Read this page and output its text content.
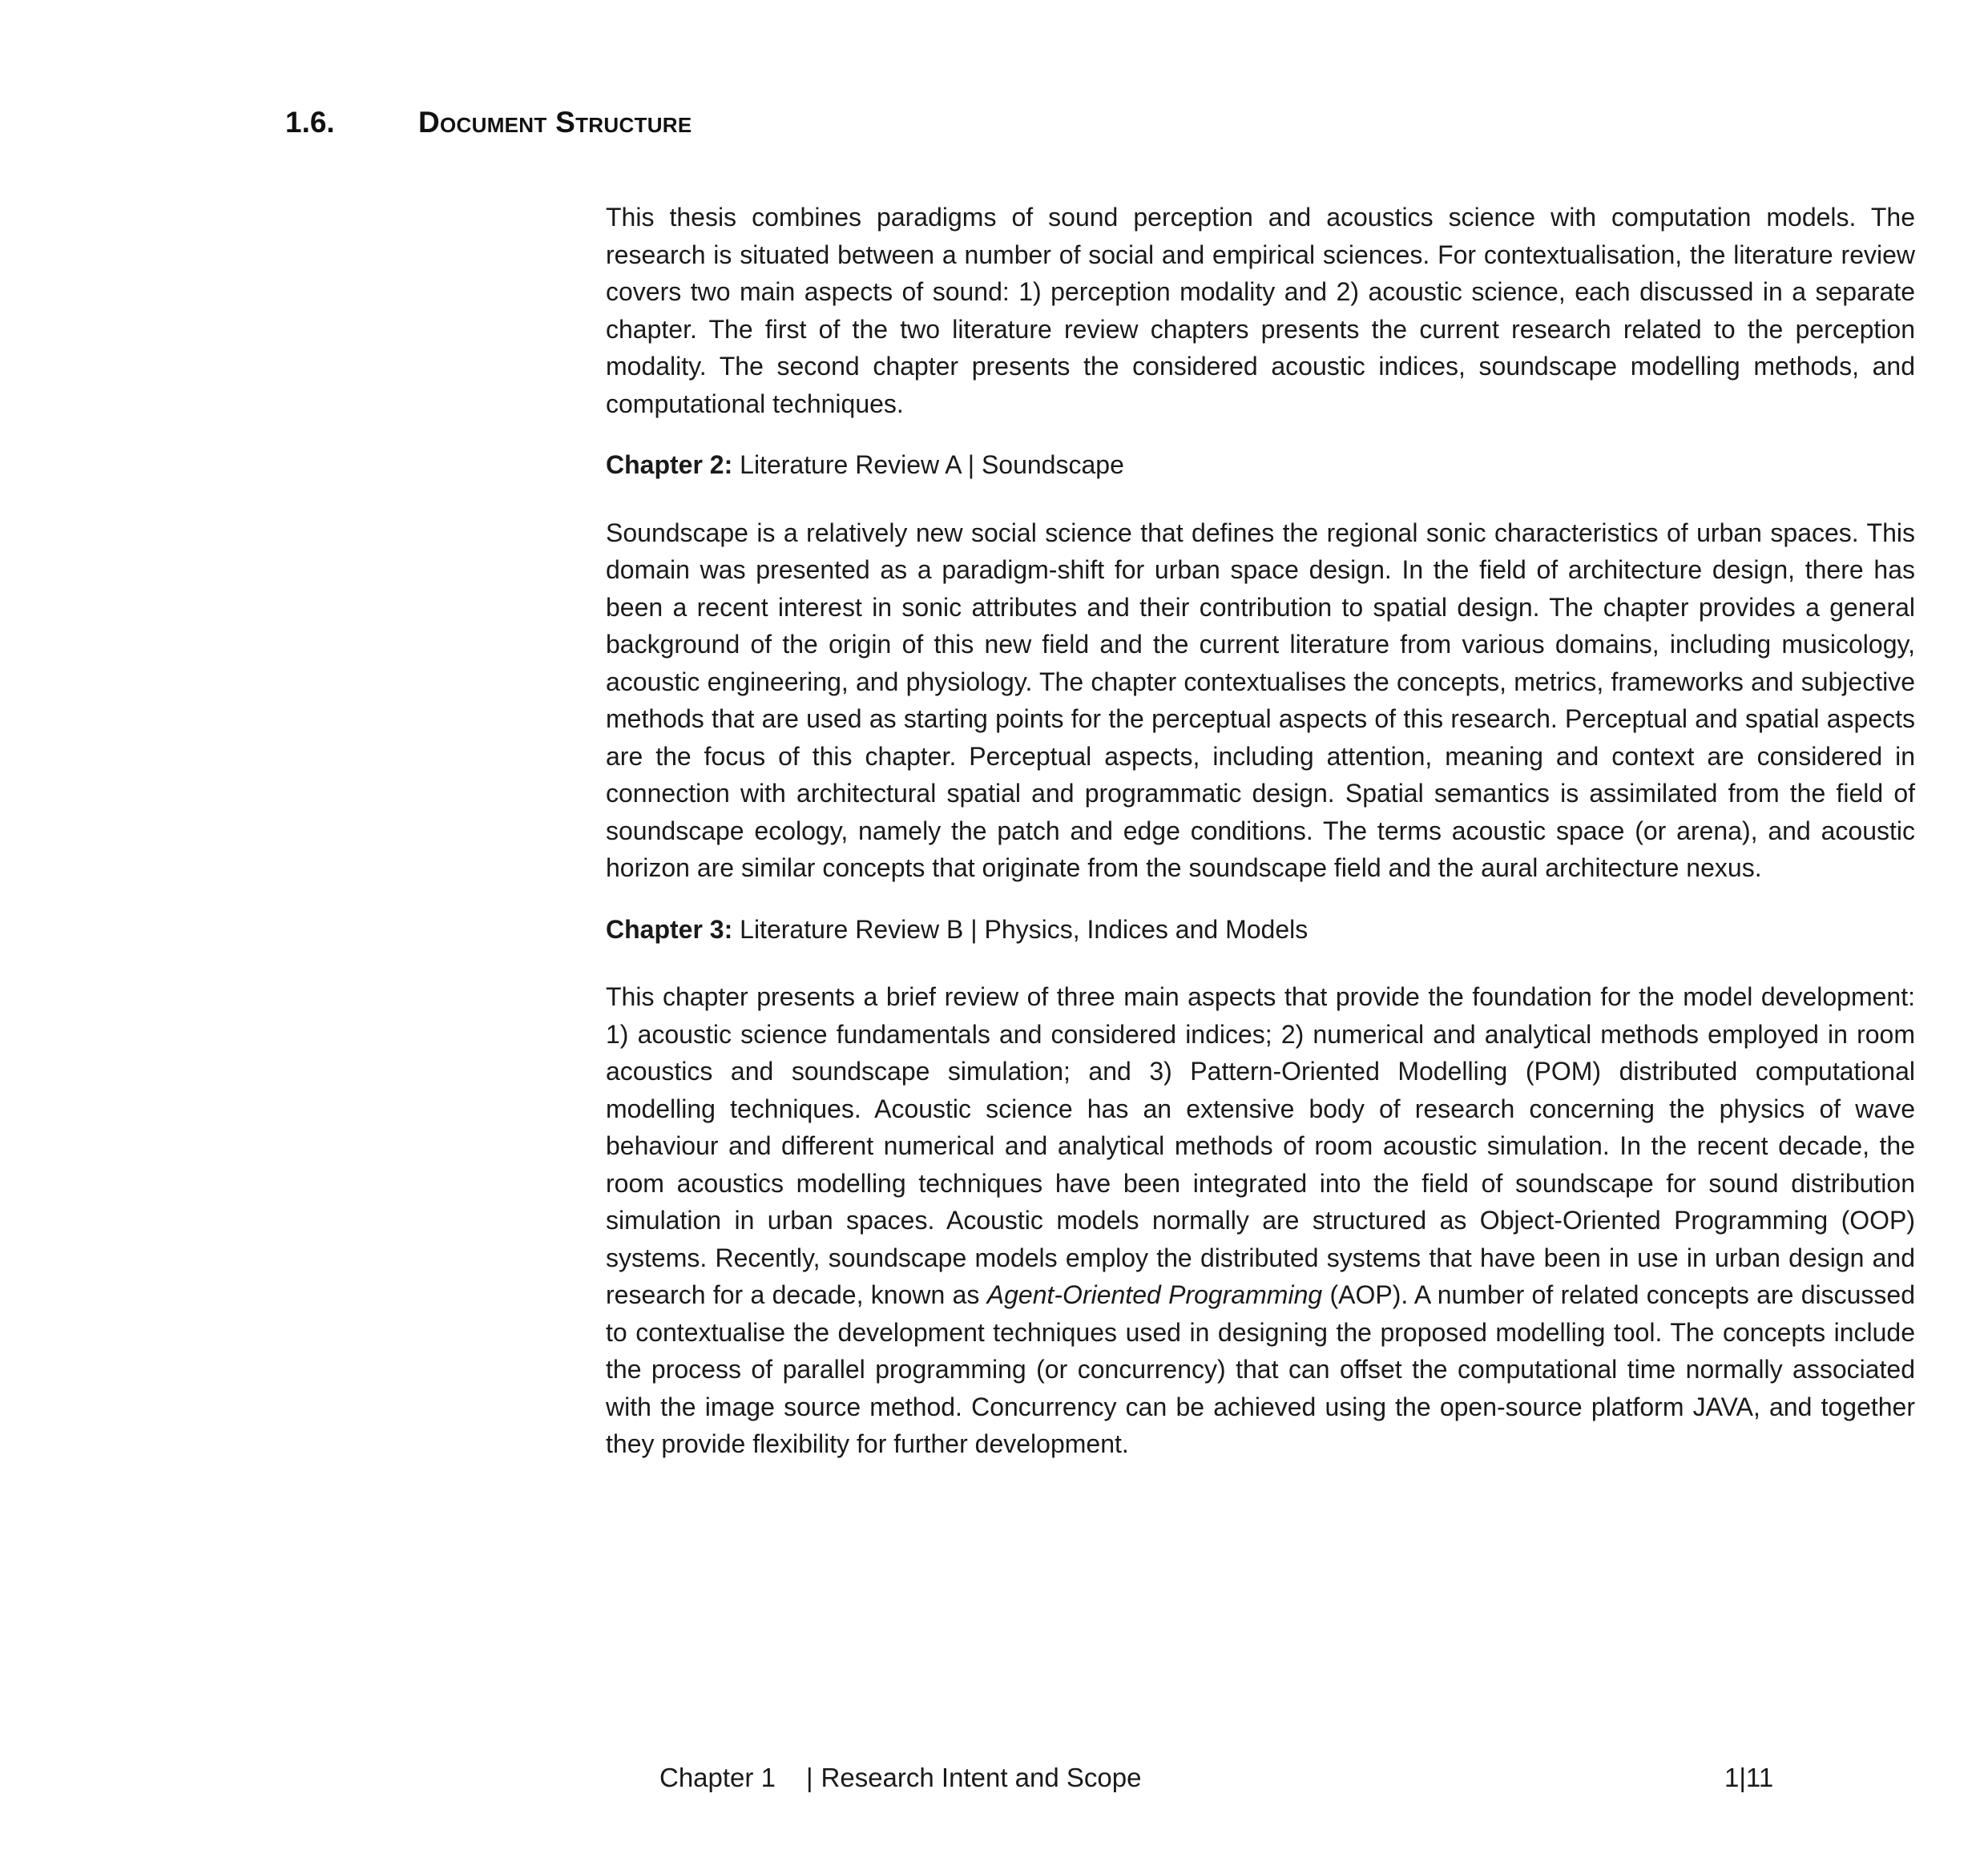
1.6.	Document Structure

This thesis combines paradigms of sound perception and acoustics science with computation models. The research is situated between a number of social and empirical sciences. For contextualisation, the literature review covers two main aspects of sound: 1) perception modality and 2) acoustic science, each discussed in a separate chapter. The first of the two literature review chapters presents the current research related to the perception modality. The second chapter presents the considered acoustic indices, soundscape modelling methods, and computational techniques.

Chapter 2: Literature Review A | Soundscape

Soundscape is a relatively new social science that defines the regional sonic characteristics of urban spaces. This domain was presented as a paradigm-shift for urban space design. In the field of architecture design, there has been a recent interest in sonic attributes and their contribution to spatial design. The chapter provides a general background of the origin of this new field and the current literature from various domains, including musicology, acoustic engineering, and physiology. The chapter contextualises the concepts, metrics, frameworks and subjective methods that are used as starting points for the perceptual aspects of this research. Perceptual and spatial aspects are the focus of this chapter. Perceptual aspects, including attention, meaning and context are considered in connection with architectural spatial and programmatic design. Spatial semantics is assimilated from the field of soundscape ecology, namely the patch and edge conditions. The terms acoustic space (or arena), and acoustic horizon are similar concepts that originate from the soundscape field and the aural architecture nexus.

Chapter 3: Literature Review B | Physics, Indices and Models

This chapter presents a brief review of three main aspects that provide the foundation for the model development: 1) acoustic science fundamentals and considered indices; 2) numerical and analytical methods employed in room acoustics and soundscape simulation; and 3) Pattern-Oriented Modelling (POM) distributed computational modelling techniques. Acoustic science has an extensive body of research concerning the physics of wave behaviour and different numerical and analytical methods of room acoustic simulation. In the recent decade, the room acoustics modelling techniques have been integrated into the field of soundscape for sound distribution simulation in urban spaces. Acoustic models normally are structured as Object-Oriented Programming (OOP) systems. Recently, soundscape models employ the distributed systems that have been in use in urban design and research for a decade, known as Agent-Oriented Programming (AOP). A number of related concepts are discussed to contextualise the development techniques used in designing the proposed modelling tool. The concepts include the process of parallel programming (or concurrency) that can offset the computational time normally associated with the image source method. Concurrency can be achieved using the open-source platform JAVA, and together they provide flexibility for further development.

Chapter 1 | Research Intent and Scope	1|11
